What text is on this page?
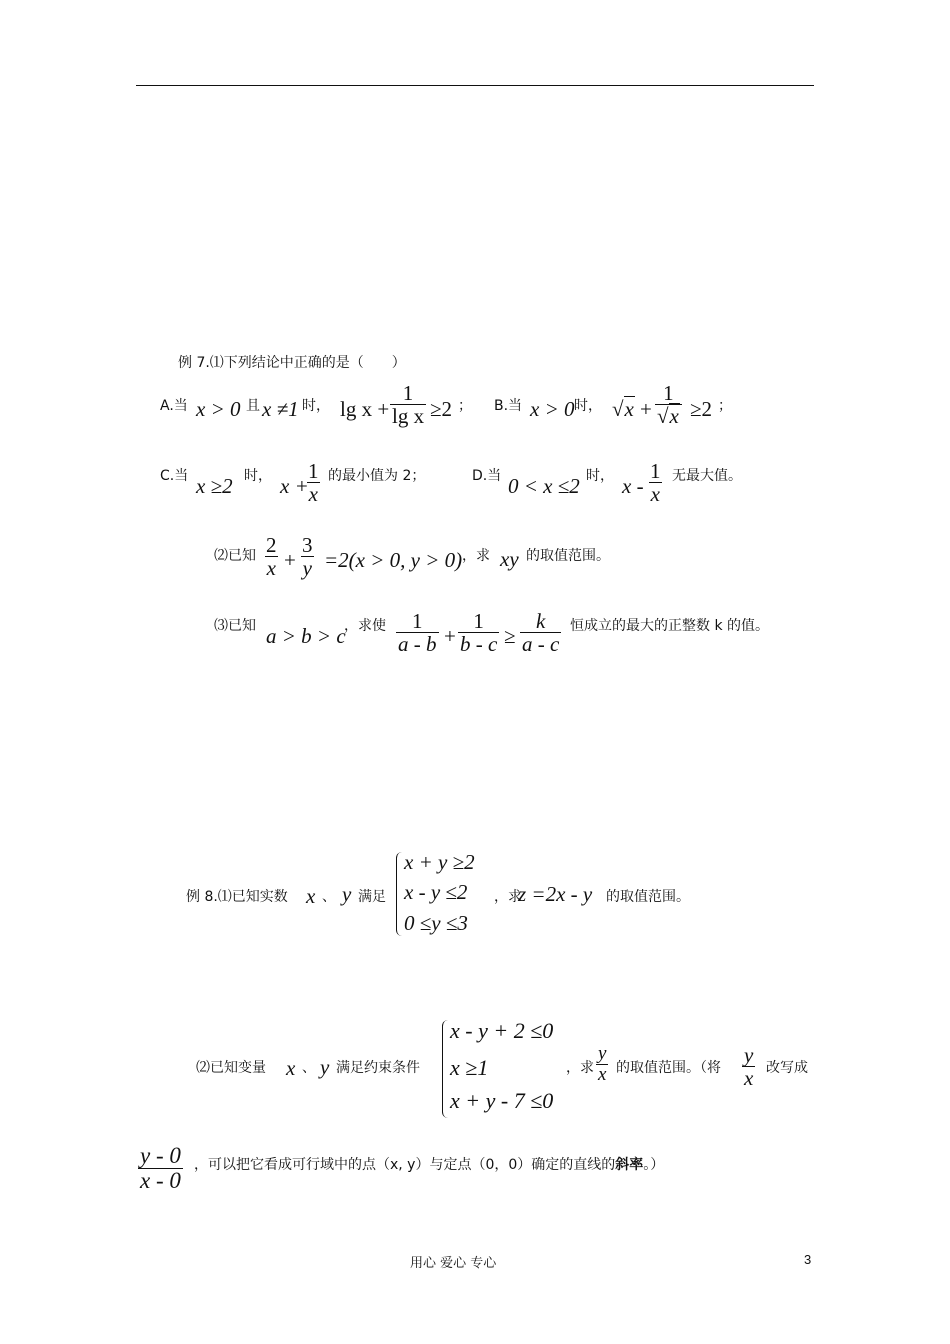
例 7.⑴下列结论中正确的是（　　）
A.当 x > 0 且 x ≠1 时， $\lg x + \frac{1}{\text{lg x}} \ge 2$ ； B.当 x > 0 时， $√x + \frac{1}{√x} \ge 2$ ；
C.当 x ≥2 时， x +
$\frac{1}{x}$ 的最小值为 2；	D.当 0 < x ≤2 时， x - $\frac{1}{x}$ 无最大值。
⑵已知 $\frac{2}{x} + \frac{3}{y} =2(x > 0$, y > 0) ，求 xy 的取值范围。
⑶已知 a > b > c
，求使 $\frac{1}{a - b} + \frac{1}{b - c} \ge \frac{k}{a - c}$ 恒成立的最大的正整数 k 的值。
例 8.⑴已知实数 x 、 y 满足
x + y ≥2
x - y ≤2
0 ≤y ≤3
，求
z =2x - y 的取值范围。
⑵已知变量 x 、 y 满足约束条件
x - y + 2 ≤0
x ≥1
x + y - 7 ≤0
，求 $\frac{y}{x}$ 的取值范围。（将 $\frac{y}{x}$ 改写成
$\frac{y - 0}{x - 0}$ ，可以把它看成可行域中的点（x, y）与定点（0，0）确定的直线的斜率。）
用心 爱心 专心	3
